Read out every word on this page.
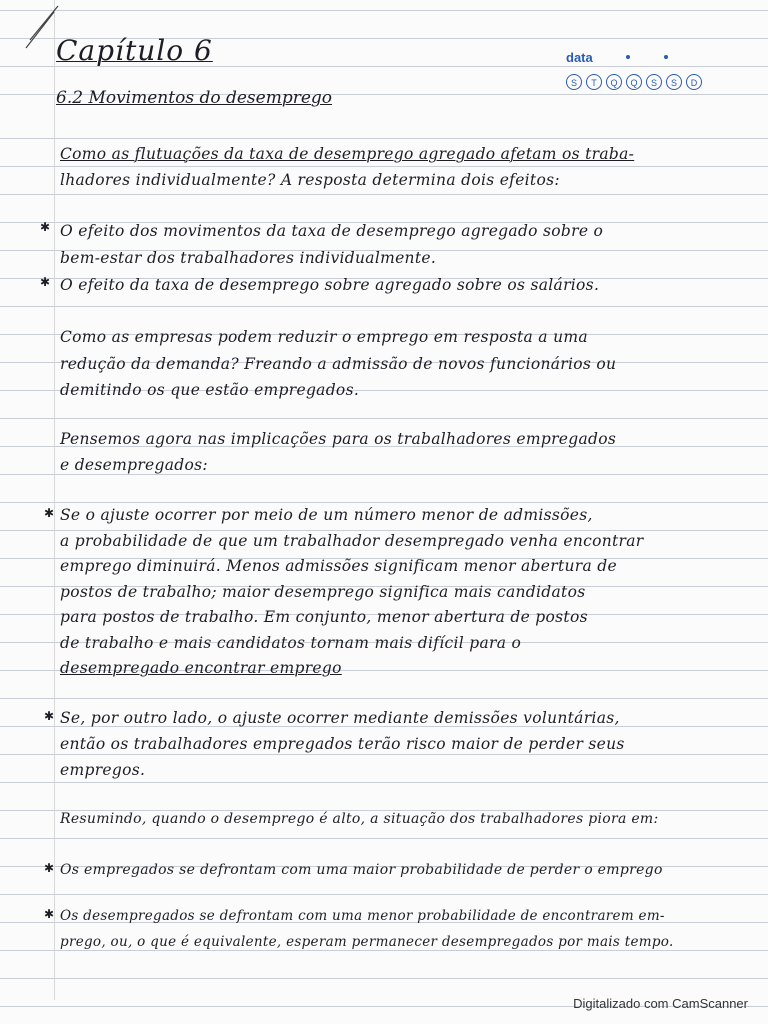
data
S	T	Q	Q	S	S	D
Capítulo 6
6.2 Movimentos do desemprego
Como as flutuações da taxa de desemprego agregado afetam os traba-
lhadores individualmente? A resposta determina dois efeitos:
✱ O efeito dos movimentos da taxa de desemprego agregado sobre o
bem-estar dos trabalhadores individualmente.
✱ O efeito da taxa de desemprego sobre agregado sobre os salários.
Como as empresas podem reduzir o emprego em resposta a uma
redução da demanda? Freando a admissão de novos funcionários ou
demitindo os que estão empregados.
Pensemos agora nas implicações para os trabalhadores empregados
e desempregados:
✱ Se o ajuste ocorrer por meio de um número menor de admissões,
a probabilidade de que um trabalhador desempregado venha encontrar
emprego diminuirá. Menos admissões significam menor abertura de
postos de trabalho; maior desemprego significa mais candidatos
para postos de trabalho. Em conjunto, menor abertura de postos
de trabalho e mais candidatos tornam mais difícil para o
desempregado encontrar emprego
✱ Se, por outro lado, o ajuste ocorrer mediante demissões voluntárias,
então os trabalhadores empregados terão risco maior de perder seus
empregos.
Resumindo, quando o desemprego é alto, a situação dos trabalhadores piora em:
✱ Os empregados se defrontam com uma maior probabilidade de perder o emprego
✱ Os desempregados se defrontam com uma menor probabilidade de encontrarem em-
prego, ou, o que é equivalente, esperam permanecer desempregados por mais tempo.
Digitalizado com CamScanner
